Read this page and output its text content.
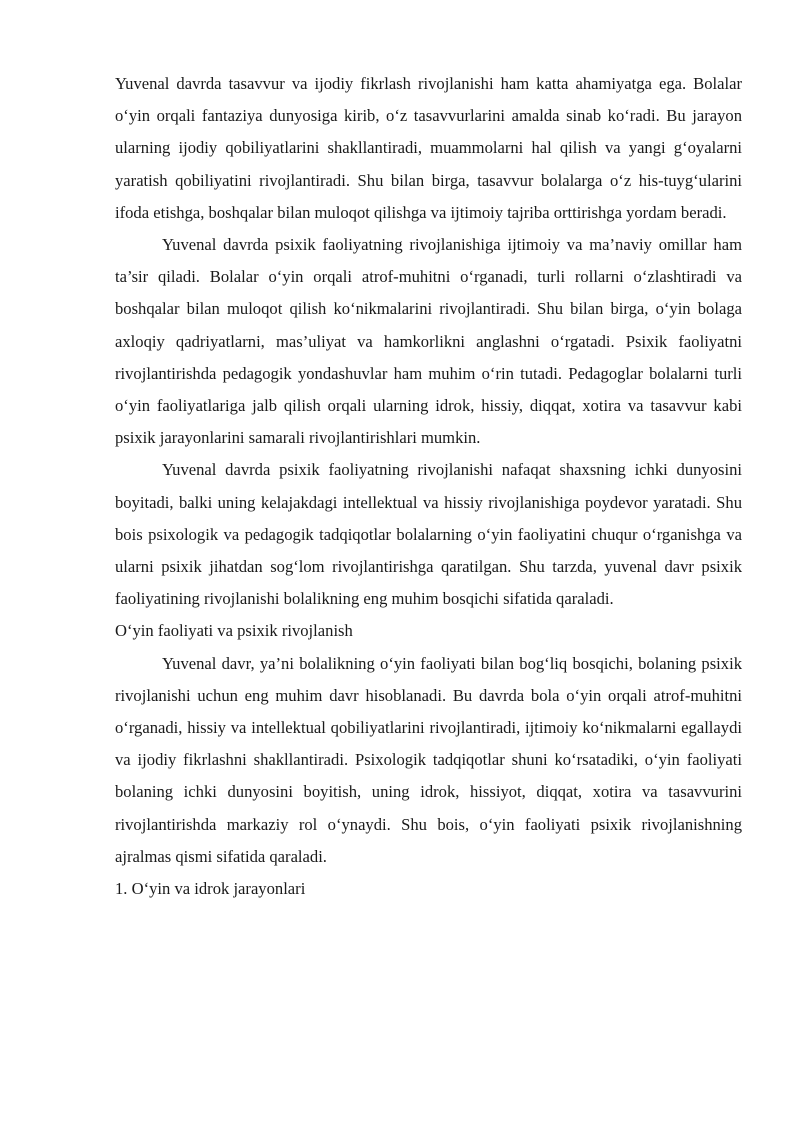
Yuvenal davrda tasavvur va ijodiy fikrlash rivojlanishi ham katta ahamiyatga ega. Bolalar o‘yin orqali fantaziya dunyosiga kirib, o‘z tasavvurlarini amalda sinab ko‘radi. Bu jarayon ularning ijodiy qobiliyatlarini shakllantiradi, muammolarni hal qilish va yangi g‘oyalarni yaratish qobiliyatini rivojlantiradi. Shu bilan birga, tasavvur bolalarga o‘z his-tuyg‘ularini ifoda etishga, boshqalar bilan muloqot qilishga va ijtimoiy tajriba orttirishga yordam beradi.

Yuvenal davrda psixik faoliyatning rivojlanishiga ijtimoiy va ma’naviy omillar ham ta’sir qiladi. Bolalar o‘yin orqali atrof-muhitni o‘rganadi, turli rollarni o‘zlashtiradi va boshqalar bilan muloqot qilish ko‘nikmalarini rivojlantiradi. Shu bilan birga, o‘yin bolaga axloqiy qadriyatlarni, mas’uliyat va hamkorlikni anglashni o‘rgatadi. Psixik faoliyatni rivojlantirishda pedagogik yondashuvlar ham muhim o‘rin tutadi. Pedagoglar bolalarni turli o‘yin faoliyatlariga jalb qilish orqali ularning idrok, hissiy, diqqat, xotira va tasavvur kabi psixik jarayonlarini samarali rivojlantirishlari mumkin.

Yuvenal davrda psixik faoliyatning rivojlanishi nafaqat shaxsning ichki dunyosini boyitadi, balki uning kelajakdagi intellektual va hissiy rivojlanishiga poydevor yaratadi. Shu bois psixologik va pedagogik tadqiqotlar bolalarning o‘yin faoliyatini chuqur o‘rganishga va ularni psixik jihatdan sog‘lom rivojlantirishga qaratilgan. Shu tarzda, yuvenal davr psixik faoliyatining rivojlanishi bolalikning eng muhim bosqichi sifatida qaraladi.

O‘yin faoliyati va psixik rivojlanish

Yuvenal davr, ya’ni bolalikning o‘yin faoliyati bilan bog‘liq bosqichi, bolaning psixik rivojlanishi uchun eng muhim davr hisoblanadi. Bu davrda bola o‘yin orqali atrof-muhitni o‘rganadi, hissiy va intellektual qobiliyatlarini rivojlantiradi, ijtimoiy ko‘nikmalarni egallaydi va ijodiy fikrlashni shakllantiradi. Psixologik tadqiqotlar shuni ko‘rsatadiki, o‘yin faoliyati bolaning ichki dunyosini boyitish, uning idrok, hissiyot, diqqat, xotira va tasavvurini rivojlantirishda markaziy rol o‘ynaydi. Shu bois, o‘yin faoliyati psixik rivojlanishning ajralmas qismi sifatida qaraladi.

1. O‘yin va idrok jarayonlari
